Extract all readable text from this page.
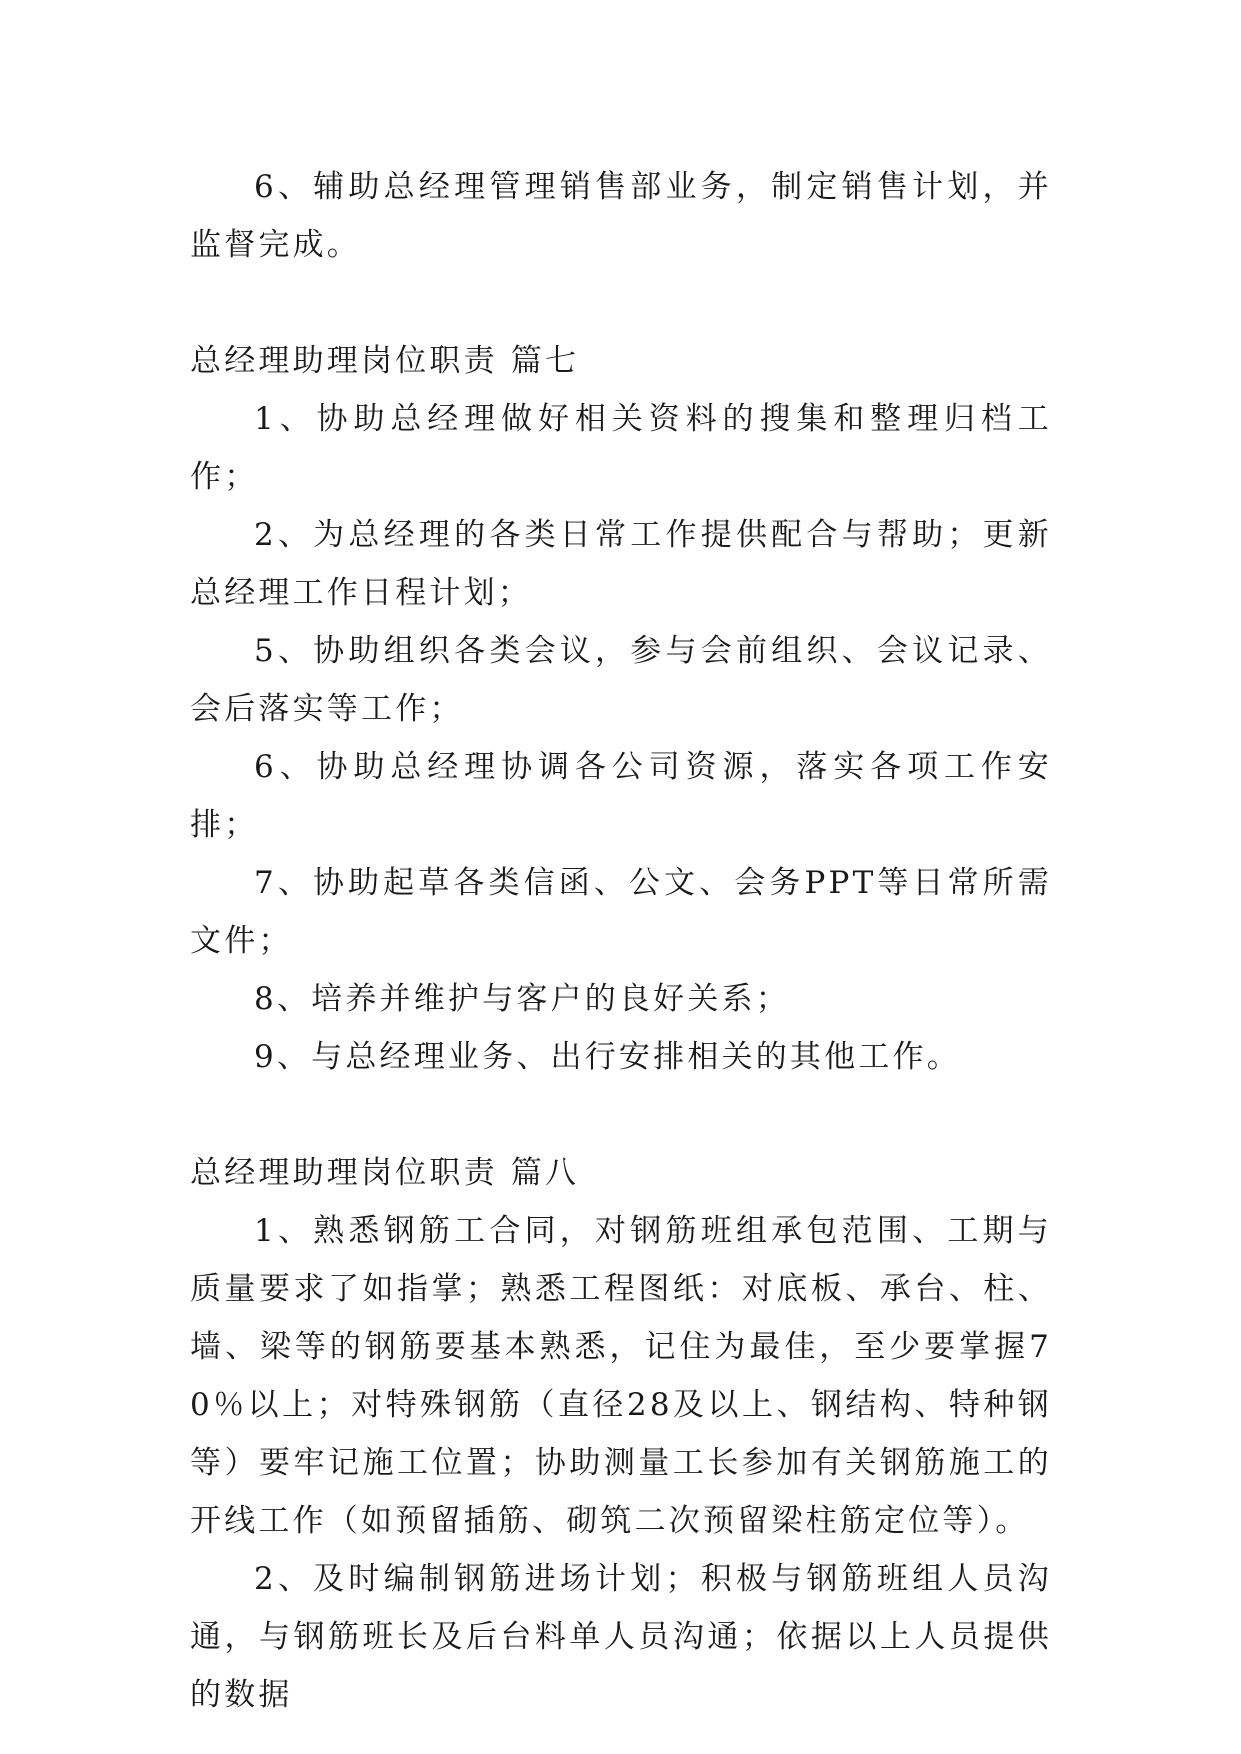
6、辅助总经理管理销售部业务，制定销售计划，并监督完成。

总经理助理岗位职责 篇七

1、协助总经理做好相关资料的搜集和整理归档工作；

2、为总经理的各类日常工作提供配合与帮助；更新总经理工作日程计划；

5、协助组织各类会议，参与会前组织、会议记录、会后落实等工作；

6、协助总经理协调各公司资源，落实各项工作安排；

7、协助起草各类信函、公文、会务PPT等日常所需文件；

8、培养并维护与客户的良好关系；

9、与总经理业务、出行安排相关的其他工作。

总经理助理岗位职责 篇八

1、熟悉钢筋工合同，对钢筋班组承包范围、工期与质量要求了如指掌；熟悉工程图纸：对底板、承台、柱、墙、梁等的钢筋要基本熟悉，记住为最佳，至少要掌握70％以上；对特殊钢筋（直径28及以上、钢结构、特种钢等）要牢记施工位置；协助测量工长参加有关钢筋施工的开线工作（如预留插筋、砌筑二次预留梁柱筋定位等）。

2、及时编制钢筋进场计划；积极与钢筋班组人员沟通，与钢筋班长及后台料单人员沟通；依据以上人员提供的数据
